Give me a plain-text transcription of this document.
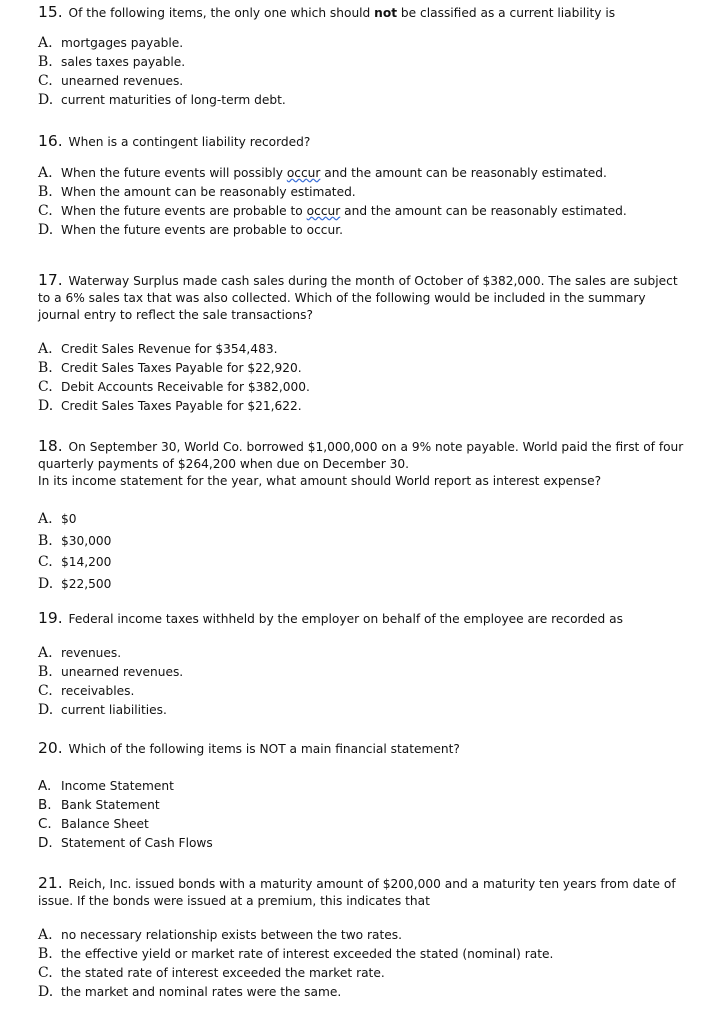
15. Of the following items, the only one which should not be classified as a current liability is
A. mortgages payable.
B. sales taxes payable.
C. unearned revenues.
D. current maturities of long-term debt.
16. When is a contingent liability recorded?
A. When the future events will possibly occur and the amount can be reasonably estimated.
B. When the amount can be reasonably estimated.
C. When the future events are probable to occur and the amount can be reasonably estimated.
D. When the future events are probable to occur.
17. Waterway Surplus made cash sales during the month of October of $382,000. The sales are subject to a 6% sales tax that was also collected. Which of the following would be included in the summary journal entry to reflect the sale transactions?
A. Credit Sales Revenue for $354,483.
B. Credit Sales Taxes Payable for $22,920.
C. Debit Accounts Receivable for $382,000.
D. Credit Sales Taxes Payable for $21,622.
18. On September 30, World Co. borrowed $1,000,000 on a 9% note payable. World paid the first of four quarterly payments of $264,200 when due on December 30.
In its income statement for the year, what amount should World report as interest expense?
A. $0
B. $30,000
C. $14,200
D. $22,500
19. Federal income taxes withheld by the employer on behalf of the employee are recorded as
A. revenues.
B. unearned revenues.
C. receivables.
D. current liabilities.
20. Which of the following items is NOT a main financial statement?
A. Income Statement
B. Bank Statement
C. Balance Sheet
D. Statement of Cash Flows
21. Reich, Inc. issued bonds with a maturity amount of $200,000 and a maturity ten years from date of issue. If the bonds were issued at a premium, this indicates that
A. no necessary relationship exists between the two rates.
B. the effective yield or market rate of interest exceeded the stated (nominal) rate.
C. the stated rate of interest exceeded the market rate.
D. the market and nominal rates were the same.
